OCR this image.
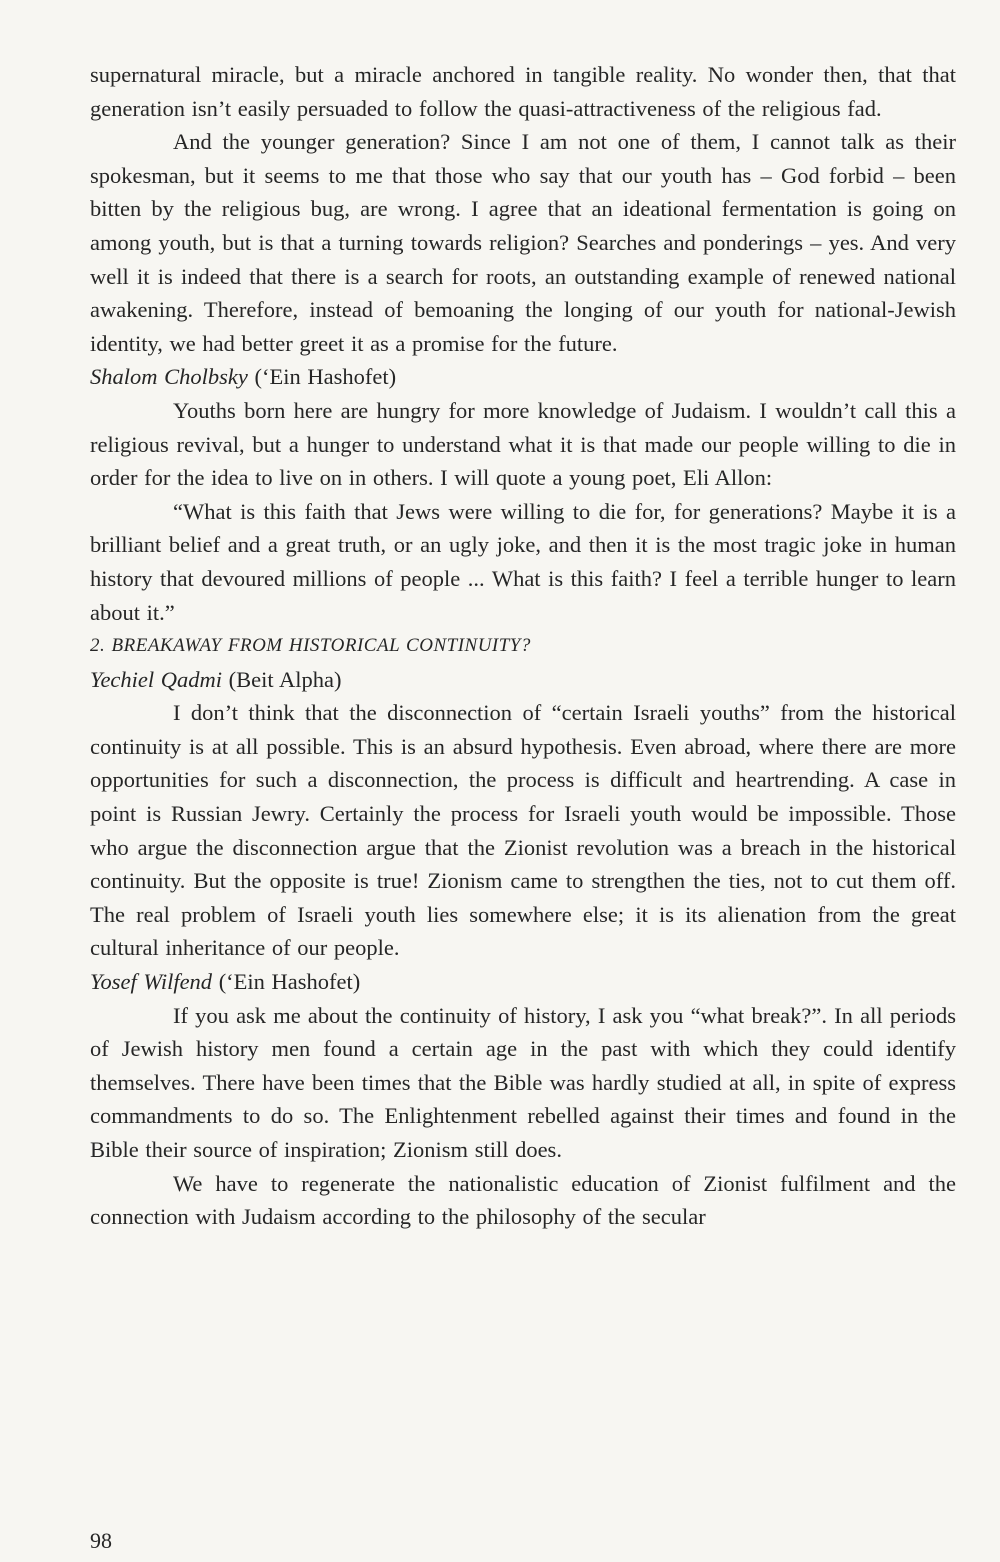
supernatural miracle, but a miracle anchored in tangible reality. No wonder then, that that generation isn’t easily persuaded to follow the quasi-attractiveness of the religious fad.

And the younger generation? Since I am not one of them, I cannot talk as their spokesman, but it seems to me that those who say that our youth has – God forbid – been bitten by the religious bug, are wrong. I agree that an ideational fermentation is going on among youth, but is that a turning towards religion? Searches and ponderings – yes. And very well it is indeed that there is a search for roots, an outstanding example of renewed national awakening. Therefore, instead of bemoaning the longing of our youth for national-Jewish identity, we had better greet it as a promise for the future.

Shalom Cholbsky (‘Ein Hashofet)

Youths born here are hungry for more knowledge of Judaism. I wouldn’t call this a religious revival, but a hunger to understand what it is that made our people willing to die in order for the idea to live on in others. I will quote a young poet, Eli Allon:

“What is this faith that Jews were willing to die for, for generations? Maybe it is a brilliant belief and a great truth, or an ugly joke, and then it is the most tragic joke in human history that devoured millions of people ... What is this faith? I feel a terrible hunger to learn about it.”

2. BREAKAWAY FROM HISTORICAL CONTINUITY?

Yechiel Qadmi (Beit Alpha)

I don’t think that the disconnection of “certain Israeli youths” from the historical continuity is at all possible. This is an absurd hypothesis. Even abroad, where there are more opportunities for such a disconnection, the process is difficult and heartrending. A case in point is Russian Jewry. Certainly the process for Israeli youth would be impossible. Those who argue the disconnection argue that the Zionist revolution was a breach in the historical continuity. But the opposite is true! Zionism came to strengthen the ties, not to cut them off. The real problem of Israeli youth lies somewhere else; it is its alienation from the great cultural inheritance of our people.

Yosef Wilfend (‘Ein Hashofet)

If you ask me about the continuity of history, I ask you “what break?”. In all periods of Jewish history men found a certain age in the past with which they could identify themselves. There have been times that the Bible was hardly studied at all, in spite of express commandments to do so. The Enlightenment rebelled against their times and found in the Bible their source of inspiration; Zionism still does.

We have to regenerate the nationalistic education of Zionist fulfilment and the connection with Judaism according to the philosophy of the secular

98
